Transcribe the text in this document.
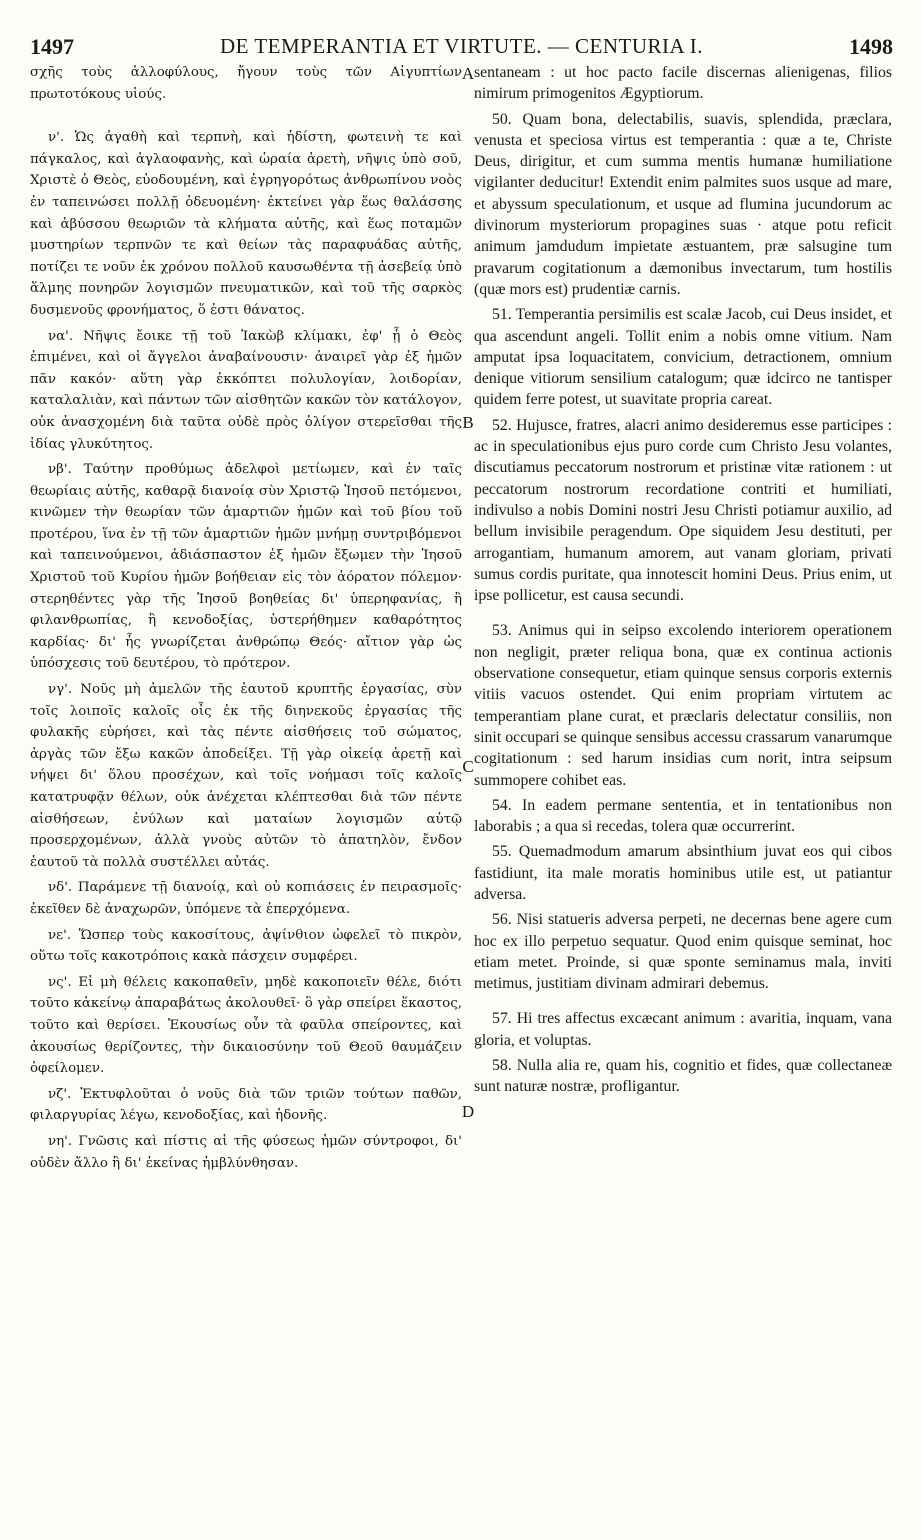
1497	DE TEMPERANTIA ET VIRTUTE. — CENTURIA I.	1498

σχῆς τοὺς ἀλλοφύλους, ἤγουν τοὺς τῶν Αἰγυπτίων πρωτοτόκους υἱούς.

ν'. Ὡς ἀγαθὴ καὶ τερπνὴ, καὶ ἡδίστη, φωτεινὴ τε καὶ πάγκαλος, καὶ ἀγλαοφανὴς, καὶ ὡραία ἀρετὴ, νῆψις ὑπὸ σοῦ, Χριστὲ ὁ Θεὸς, εὐοδουμένη, καὶ ἐγρηγορότως ἀνθρωπίνου νοὸς ἐν ταπεινώσει πολλῇ ὁδευομένη· ἐκτείνει γὰρ ἕως θαλάσσης καὶ ἀβύσσου θεωριῶν τὰ κλήματα αὐτῆς, καὶ ἕως ποταμῶν μυστηρίων τερπνῶν τε καὶ θείων τὰς παραφυάδας αὐτῆς, ποτίζει τε νοῦν ἐκ χρόνου πολλοῦ καυσωθέντα τῇ ἀσεβείᾳ ὑπὸ ἅλμης πονηρῶν λογισμῶν πνευματικῶν, καὶ τοῦ τῆς σαρκὸς δυσμενοῦς φρονήματος, ὅ ἐστι θάνατος.

να'. Νῆψις ἔοικε τῇ τοῦ Ἰακὼβ κλίμακι, ἐφ' ᾗ ὁ Θεὸς ἐπιμένει, καὶ οἱ ἄγγελοι ἀναβαίνουσιν· ἀναιρεῖ γὰρ ἐξ ἡμῶν πᾶν κακόν· αὕτη γὰρ ἐκκόπτει πολυλογίαν, λοιδορίαν, καταλαλιὰν, καὶ πάντων τῶν αἰσθητῶν κακῶν τὸν κατάλογον, οὐκ ἀνασχομένη διὰ ταῦτα οὐδὲ πρὸς ὀλίγον στερεῖσθαι τῆς ἰδίας γλυκύτητος.

νβ'. Ταύτην προθύμως ἀδελφοὶ μετίωμεν, καὶ ἐν ταῖς θεωρίαις αὐτῆς, καθαρᾷ διανοίᾳ σὺν Χριστῷ Ἰησοῦ πετόμενοι, κινῶμεν τὴν θεωρίαν τῶν ἁμαρτιῶν ἡμῶν καὶ τοῦ βίου τοῦ προτέρου, ἵνα ἐν τῇ τῶν ἁμαρτιῶν ἡμῶν μνήμῃ συντριβόμενοι καὶ ταπεινούμενοι, ἀδιάσπαστον ἐξ ἡμῶν ἔξωμεν τὴν Ἰησοῦ Χριστοῦ τοῦ Κυρίου ἡμῶν βοήθειαν εἰς τὸν ἀόρατον πόλεμον· στερηθέντες γὰρ τῆς Ἰησοῦ βοηθείας δι' ὑπερηφανίας, ἢ φιλανθρωπίας, ἢ κενοδοξίας, ὑστερήθημεν καθαρότητος καρδίας· δι' ἧς γνωρίζεται ἀνθρώπῳ Θεός· αἴτιον γὰρ ὡς ὑπόσχεσις τοῦ δευτέρου, τὸ πρότερον.

νγ'. Νοῦς μὴ ἀμελῶν τῆς ἑαυτοῦ κρυπτῆς ἐργασίας, σὺν τοῖς λοιποῖς καλοῖς οἷς ἐκ τῆς διηνεκοῦς ἐργασίας τῆς φυλακῆς εὑρήσει, καὶ τὰς πέντε αἰσθήσεις τοῦ σώματος, ἀργὰς τῶν ἔξω κακῶν ἀποδείξει. Τῇ γὰρ οἰκείᾳ ἀρετῇ καὶ νήψει δι' ὅλου προσέχων, καὶ τοῖς νοήμασι τοῖς καλοῖς κατατρυφᾷν θέλων, οὐκ ἀνέχεται κλέπτεσθαι διὰ τῶν πέντε αἰσθήσεων, ἐνύλων καὶ ματαίων λογισμῶν αὐτῷ προσερχομένων, ἀλλὰ γνοὺς αὐτῶν τὸ ἀπατηλὸν, ἔνδον ἑαυτοῦ τὰ πολλὰ συστέλλει αὐτάς.

νδ'. Παράμενε τῇ διανοίᾳ, καὶ οὐ κοπιάσεις ἐν πειρασμοῖς· ἐκεῖθεν δὲ ἀναχωρῶν, ὑπόμενε τὰ ἐπερχόμενα.

νε'. Ὥσπερ τοὺς κακοσίτους, ἀψίνθιον ὠφελεῖ τὸ πικρὸν, οὕτω τοῖς κακοτρόποις κακὰ πάσχειν συμφέρει.

νς'. Εἰ μὴ θέλεις κακοπαθεῖν, μηδὲ κακοποιεῖν θέλε, διότι τοῦτο κἀκείνῳ ἀπαραβάτως ἀκολουθεῖ· ὃ γὰρ σπείρει ἕκαστος, τοῦτο καὶ θερίσει. Ἑκουσίως οὖν τὰ φαῦλα σπείροντες, καὶ ἀκουσίως θερίζοντες, τὴν δικαιοσύνην τοῦ Θεοῦ θαυμάζειν ὀφείλομεν.

νζ'. Ἐκτυφλοῦται ὁ νοῦς διὰ τῶν τριῶν τούτων παθῶν, φιλαργυρίας λέγω, κενοδοξίας, καὶ ἡδονῆς.

νη'. Γνῶσις καὶ πίστις αἱ τῆς φύσεως ἡμῶν σύντροφοι, δι' οὐδὲν ἄλλο ἢ δι' ἐκείνας ἠμβλύνθησαν.

A
B
C
D

sentaneam : ut hoc pacto facile discernas alienigenas, filios nimirum primogenitos Ægyptiorum.

50. Quam bona, delectabilis, suavis, splendida, præclara, venusta et speciosa virtus est temperantia : quæ a te, Christe Deus, dirigitur, et cum summa mentis humanæ humiliatione vigilanter deducitur! Extendit enim palmites suos usque ad mare, et abyssum speculationum, et usque ad flumina jucundorum ac divinorum mysteriorum propagines suas · atque potu reficit animum jamdudum impietate æstuantem, præ salsugine tum pravarum cogitationum a dæmonibus invectarum, tum hostilis (quæ mors est) prudentiæ carnis.

51. Temperantia persimilis est scalæ Jacob, cui Deus insidet, et qua ascendunt angeli. Tollit enim a nobis omne vitium. Nam amputat ipsa loquacitatem, convicium, detractionem, omnium denique vitiorum sensilium catalogum; quæ idcirco ne tantisper quidem ferre potest, ut suavitate propria careat.

52. Hujusce, fratres, alacri animo desideremus esse participes : ac in speculationibus ejus puro corde cum Christo Jesu volantes, discutiamus peccatorum nostrorum et pristinæ vitæ rationem : ut peccatorum nostrorum recordatione contriti et humiliati, indivulso a nobis Domini nostri Jesu Christi potiamur auxilio, ad bellum invisibile peragendum. Ope siquidem Jesu destituti, per arrogantiam, humanum amorem, aut vanam gloriam, privati sumus cordis puritate, qua innotescit homini Deus. Prius enim, ut ipse pollicetur, est causa secundi.

53. Animus qui in seipso excolendo interiorem operationem non negligit, præter reliqua bona, quæ ex continua actionis observatione consequetur, etiam quinque sensus corporis externis vitiis vacuos ostendet. Qui enim propriam virtutem ac temperantiam plane curat, et præclaris delectatur consiliis, non sinit occupari se quinque sensibus accessu crassarum vanarumque cogitationum : sed harum insidias cum norit, intra seipsum summopere cohibet eas.

54. In eadem permane sententia, et in tentationibus non laborabis ; a qua si recedas, tolera quæ occurrerint.

55. Quemadmodum amarum absinthium juvat eos qui cibos fastidiunt, ita male moratis hominibus utile est, ut patiantur adversa.

56. Nisi statueris adversa perpeti, ne decernas bene agere cum hoc ex illo perpetuo sequatur. Quod enim quisque seminat, hoc etiam metet. Proinde, si quæ sponte seminamus mala, inviti metimus, justitiam divinam admirari debemus.

57. Hi tres affectus excæcant animum : avaritia, inquam, vana gloria, et voluptas.

58. Nulla alia re, quam his, cognitio et fides, quæ collectaneæ sunt naturæ nostræ, profligantur.
